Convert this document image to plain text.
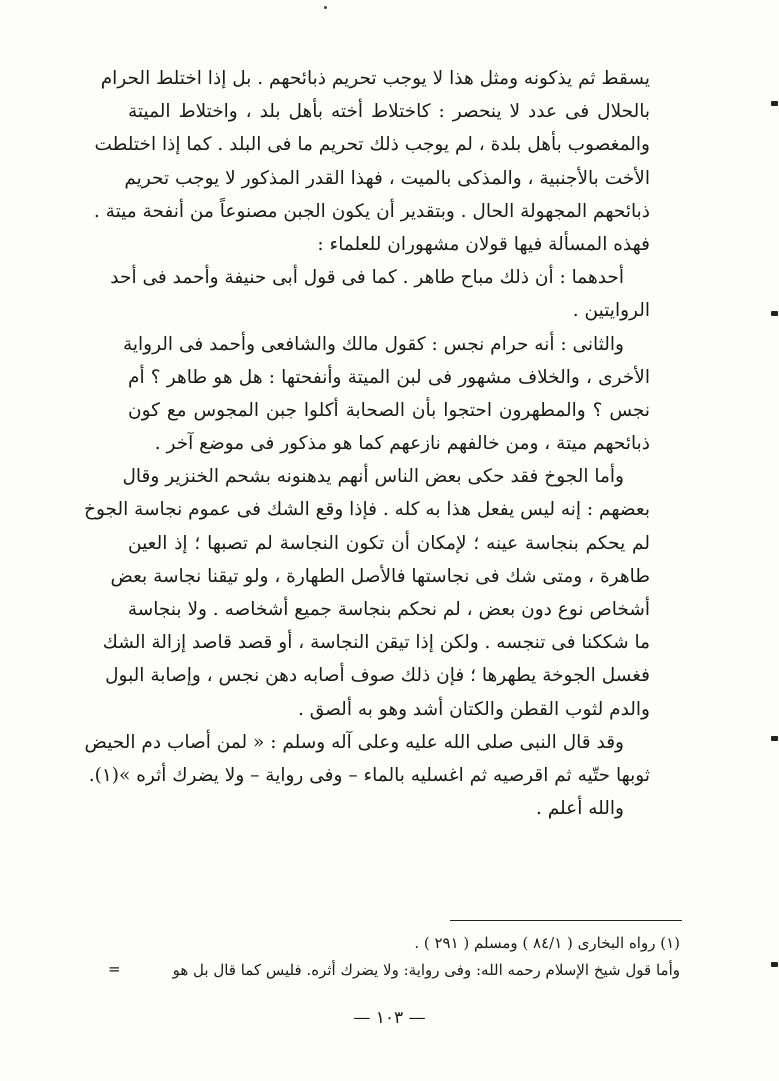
يسقط ثم يذكونه ومثل هذا لا يوجب تحريم ذبائحهم . بل إذا اختلط الحرام
بالحلال فى عدد لا ينحصر : كاختلاط أخته بأهل بلد ، واختلاط الميتة
والمغصوب بأهل بلدة ، لم يوجب ذلك تحريم ما فى البلد . كما إذا اختلطت
الأخت بالأجنبية ، والمذكى بالميت ، فهذا القدر المذكور لا يوجب تحريم
ذبائحهم المجهولة الحال . وبتقدير أن يكون الجبن مصنوعاً من أنفحة ميتة .
فهذه المسألة فيها قولان مشهوران للعلماء :
أحدهما : أن ذلك مباح طاهر . كما فى قول أبى حنيفة وأحمد فى أحد
الروايتين .
والثانى : أنه حرام نجس : كقول مالك والشافعى وأحمد فى الرواية
الأخرى ، والخلاف مشهور فى لبن الميتة وأنفحتها : هل هو طاهر ؟ أم
نجس ؟ والمطهرون احتجوا بأن الصحابة أكلوا جبن المجوس مع كون
ذبائحهم ميتة ، ومن خالفهم نازعهم كما هو مذكور فى موضع آخر .
وأما الجوخ فقد حكى بعض الناس أنهم يدهنونه بشحم الخنزير وقال
بعضهم : إنه ليس يفعل هذا به كله . فإذا وقع الشك فى عموم نجاسة الجوخ
لم يحكم بنجاسة عينه ؛ لإمكان أن تكون النجاسة لم تصبها ؛ إذ العين
طاهرة ، ومتى شك فى نجاستها فالأصل الطهارة ، ولو تيقنا نجاسة بعض
أشخاص نوع دون بعض ، لم نحكم بنجاسة جميع أشخاصه . ولا بنجاسة
ما شككنا فى تنجسه . ولكن إذا تيقن النجاسة ، أو قصد قاصد إزالة الشك
فغسل الجوخة يطهرها ؛ فإن ذلك صوف أصابه دهن نجس ، وإصابة البول
والدم لثوب القطن والكتان أشد وهو به ألصق .
وقد قال النبى صلى الله عليه وعلى آله وسلم : « لمن أصاب دم الحيض
ثوبها حتّيه ثم اقرصيه ثم اغسليه بالماء – وفى رواية – ولا يضرك أثره »(١).
والله أعلم .
(١) رواه البخارى ( ٨٤/١ ) ومسلم ( ٢٩١ ) .
وأما قول شيخ الإسلام رحمه الله: وفى رواية: ولا يضرك أثره. فليس كما قال بل هو
=
— ١٠٣ —
